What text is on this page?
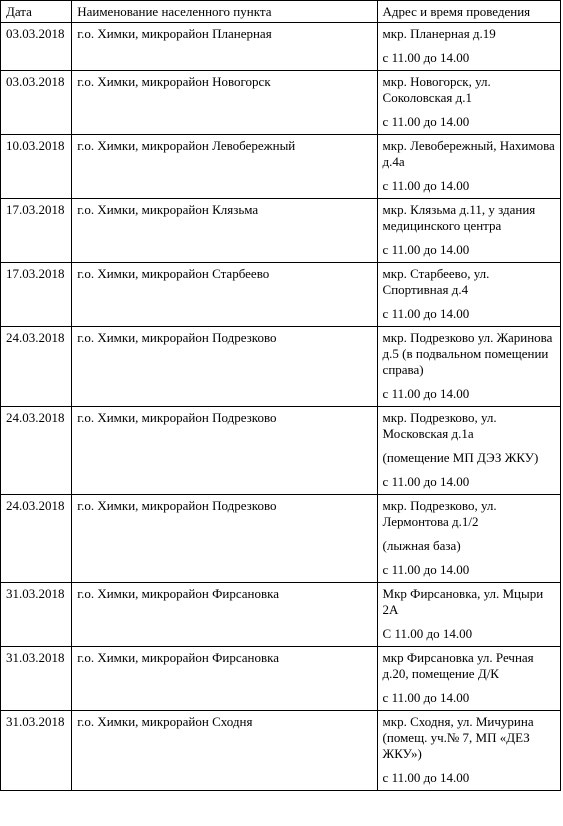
Дата	Наименование населенного пункта	Адрес и время проведения
03.03.2018	г.о. Химки, микрорайон Планерная	мкр. Планерная д.19
с 11.00 до 14.00

03.03.2018	г.о. Химки, микрорайон Новогорск	мкр. Новогорск, ул. Соколовская д.1
с 11.00 до 14.00

10.03.2018	г.о. Химки, микрорайон Левобережный	мкр. Левобережный, Нахимова д.4а
с 11.00 до 14.00

17.03.2018	г.о. Химки, микрорайон Клязьма	мкр. Клязьма д.11, у здания медицинского центра
с 11.00 до 14.00

17.03.2018	г.о. Химки, микрорайон Старбеево	мкр. Старбеево, ул. Спортивная д.4
с 11.00 до 14.00

24.03.2018	г.о. Химки, микрорайон Подрезково	мкр. Подрезково ул. Жаринова д.5 (в подвальном помещении справа)
с 11.00 до 14.00

24.03.2018	г.о. Химки, микрорайон Подрезково	мкр. Подрезково, ул. Московская д.1а
(помещение МП ДЭЗ ЖКУ)
с 11.00 до 14.00

24.03.2018	г.о. Химки, микрорайон Подрезково	мкр. Подрезково, ул. Лермонтова д.1/2
(лыжная база)
с 11.00 до 14.00

31.03.2018	г.о. Химки, микрорайон Фирсановка	Мкр Фирсановка, ул. Мцыри 2А
С 11.00 до 14.00

31.03.2018	г.о. Химки, микрорайон Фирсановка	мкр Фирсановка ул. Речная д.20, помещение Д/К
с 11.00 до 14.00

31.03.2018	г.о. Химки, микрорайон Сходня	мкр. Сходня, ул. Мичурина (помещ. уч.№ 7, МП «ДЕЗ ЖКУ»)
с 11.00 до 14.00
